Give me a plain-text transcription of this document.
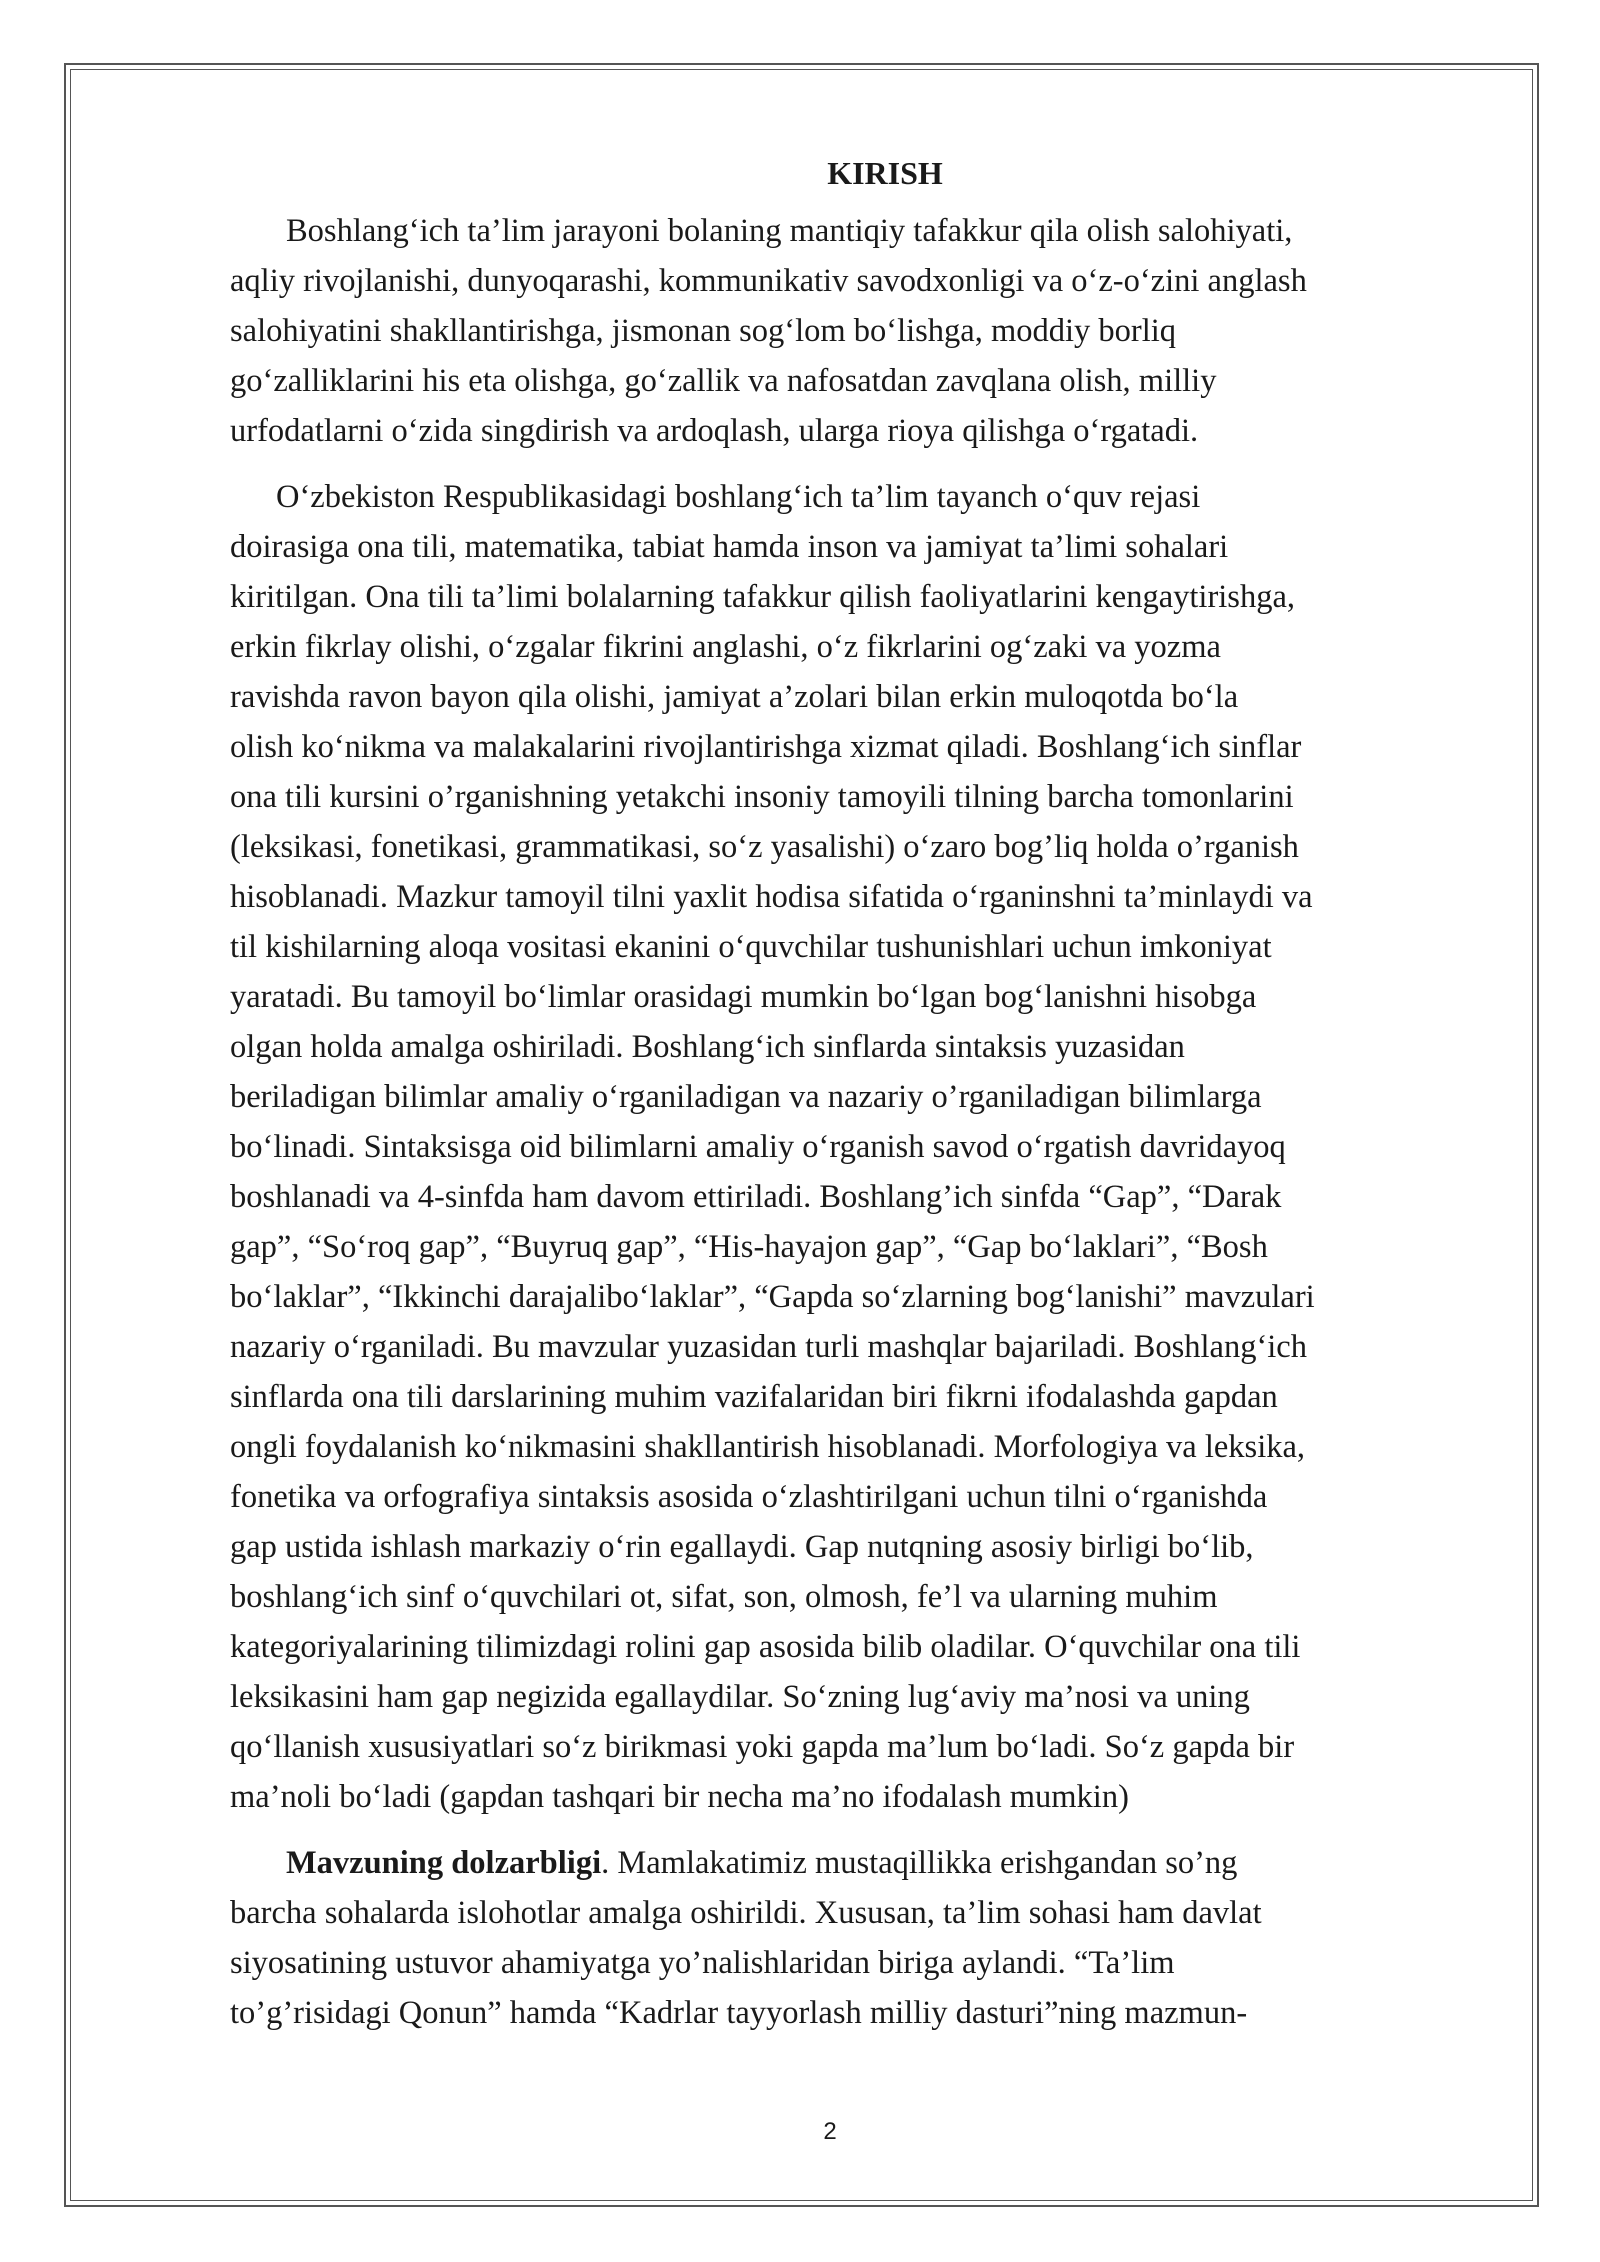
KIRISH

Boshlang‘ich ta’lim jarayoni bolaning mantiqiy tafakkur qila olish salohiyati,
aqliy rivojlanishi, dunyoqarashi, kommunikativ savodxonligi va o‘z-o‘zini anglash
salohiyatini shakllantirishga, jismonan sog‘lom bo‘lishga, moddiy borliq
go‘zalliklarini his eta olishga, go‘zallik va nafosatdan zavqlana olish, milliy
urfodatlarni o‘zida singdirish va ardoqlash, ularga rioya qilishga o‘rgatadi.

O‘zbekiston Respublikasidagi boshlang‘ich ta’lim tayanch o‘quv rejasi
doirasiga ona tili, matematika, tabiat hamda inson va jamiyat ta’limi sohalari
kiritilgan. Ona tili ta’limi bolalarning tafakkur qilish faoliyatlarini kengaytirishga,
erkin fikrlay olishi, o‘zgalar fikrini anglashi, o‘z fikrlarini og‘zaki va yozma
ravishda ravon bayon qila olishi, jamiyat a’zolari bilan erkin muloqotda bo‘la
olish ko‘nikma va malakalarini rivojlantirishga xizmat qiladi. Boshlang‘ich sinflar
ona tili kursini o’rganishning yetakchi insoniy tamoyili tilning barcha tomonlarini
(leksikasi, fonetikasi, grammatikasi, so‘z yasalishi) o‘zaro bog’liq holda o’rganish
hisoblanadi. Mazkur tamoyil tilni yaxlit hodisa sifatida o‘rganinshni ta’minlaydi va
til kishilarning aloqa vositasi ekanini o‘quvchilar tushunishlari uchun imkoniyat
yaratadi. Bu tamoyil bo‘limlar orasidagi mumkin bo‘lgan bog‘lanishni hisobga
olgan holda amalga oshiriladi. Boshlang‘ich sinflarda sintaksis yuzasidan
beriladigan bilimlar amaliy o‘rganiladigan va nazariy o’rganiladigan bilimlarga
bo‘linadi. Sintaksisga oid bilimlarni amaliy o‘rganish savod o‘rgatish davridayoq
boshlanadi va 4-sinfda ham davom ettiriladi. Boshlang’ich sinfda “Gap”, “Darak
gap”, “So‘roq gap”, “Buyruq gap”, “His-hayajon gap”, “Gap bo‘laklari”, “Bosh
bo‘laklar”, “Ikkinchi darajalibo‘laklar”, “Gapda so‘zlarning bog‘lanishi” mavzulari
nazariy o‘rganiladi. Bu mavzular yuzasidan turli mashqlar bajariladi. Boshlang‘ich
sinflarda ona tili darslarining muhim vazifalaridan biri fikrni ifodalashda gapdan
ongli foydalanish ko‘nikmasini shakllantirish hisoblanadi. Morfologiya va leksika,
fonetika va orfografiya sintaksis asosida o‘zlashtirilgani uchun tilni o‘rganishda
gap ustida ishlash markaziy o‘rin egallaydi. Gap nutqning asosiy birligi bo‘lib,
boshlang‘ich sinf o‘quvchilari ot, sifat, son, olmosh, fe’l va ularning muhim
kategoriyalarining tilimizdagi rolini gap asosida bilib oladilar. O‘quvchilar ona tili
leksikasini ham gap negizida egallaydilar. So‘zning lug‘aviy ma’nosi va uning
qo‘llanish xususiyatlari so‘z birikmasi yoki gapda ma’lum bo‘ladi. So‘z gapda bir
ma’noli bo‘ladi (gapdan tashqari bir necha ma’no ifodalash mumkin)

Mavzuning dolzarbligi. Mamlakatimiz mustaqillikka erishgandan so’ng
barcha sohalarda islohotlar amalga oshirildi. Xususan, ta’lim sohasi ham davlat
siyosatining ustuvor ahamiyatga yo’nalishlaridan biriga aylandi. “Ta’lim
to’g’risidagi Qonun” hamda “Kadrlar tayyorlash milliy dasturi”ning mazmun-

2
